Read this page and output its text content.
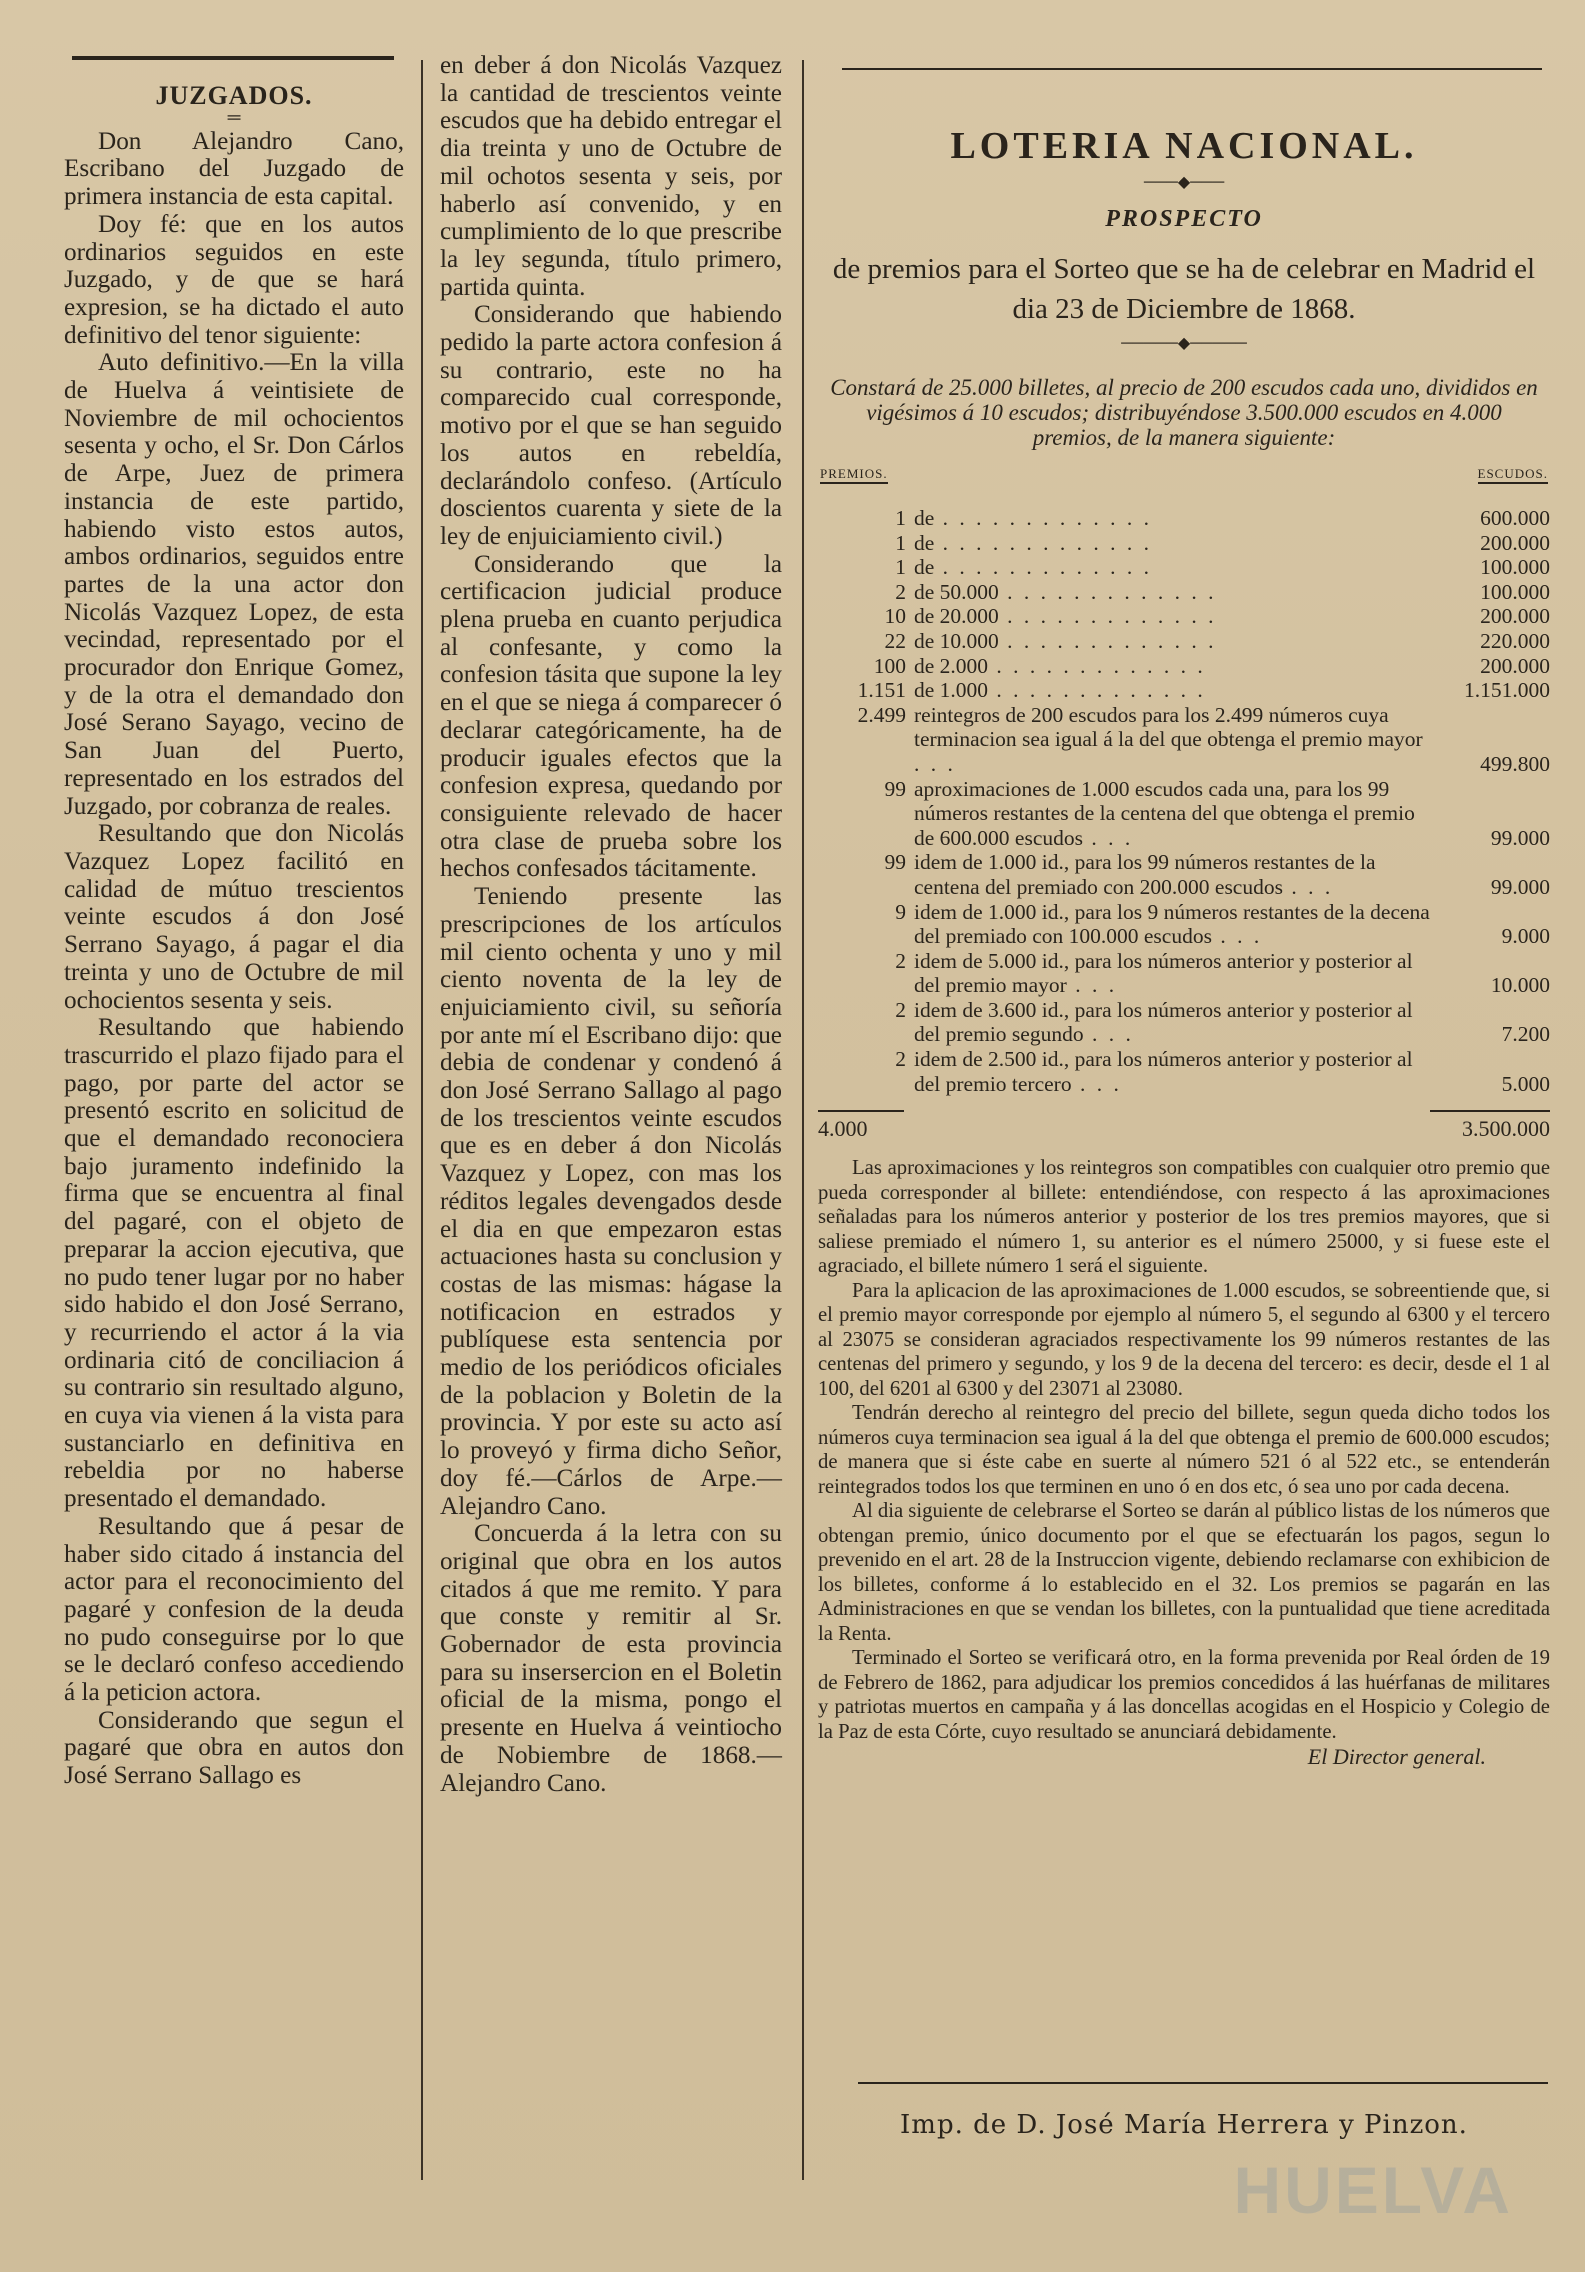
JUZGADOS.

═

Don Alejandro Cano, Escribano del Juzgado de primera instancia de esta capital.

Doy fé: que en los autos ordinarios seguidos en este Juzgado, y de que se hará expresion, se ha dictado el auto definitivo del tenor siguiente:

Auto definitivo.—En la villa de Huelva á veintisiete de Noviembre de mil ochocientos sesenta y ocho, el Sr. Don Cárlos de Arpe, Juez de primera instancia de este partido, habiendo visto estos autos, ambos ordinarios, seguidos entre partes de la una actor don Nicolás Vazquez Lopez, de esta vecindad, representado por el procurador don Enrique Gomez, y de la otra el demandado don José Serano Sayago, vecino de San Juan del Puerto, representado en los estrados del Juzgado, por cobranza de reales.

Resultando que don Nicolás Vazquez Lopez facilitó en calidad de mútuo trescientos veinte escudos á don José Serrano Sayago, á pagar el dia treinta y uno de Octubre de mil ochocientos sesenta y seis.

Resultando que habiendo trascurrido el plazo fijado para el pago, por parte del actor se presentó escrito en solicitud de que el demandado reconociera bajo juramento indefinido la firma que se encuentra al final del pagaré, con el objeto de preparar la accion ejecutiva, que no pudo tener lugar por no haber sido habido el don José Serrano, y recurriendo el actor á la via ordinaria citó de conciliacion á su contrario sin resultado alguno, en cuya via vienen á la vista para sustanciarlo en definitiva en rebeldia por no haberse presentado el demandado.

Resultando que á pesar de haber sido citado á instancia del actor para el reconocimiento del pagaré y confesion de la deuda no pudo conseguirse por lo que se le declaró confeso accediendo á la peticion actora.

Considerando que segun el pagaré que obra en autos don José Serrano Sallago es

en deber á don Nicolás Vazquez la cantidad de trescientos veinte escudos que ha debido entregar el dia treinta y uno de Octubre de mil ochotos sesenta y seis, por haberlo así convenido, y en cumplimiento de lo que prescribe la ley segunda, título primero, partida quinta.

Considerando que habiendo pedido la parte actora confesion á su contrario, este no ha comparecido cual corresponde, motivo por el que se han seguido los autos en rebeldía, declarándolo confeso. (Artículo doscientos cuarenta y siete de la ley de enjuiciamiento civil.)

Considerando que la certificacion judicial produce plena prueba en cuanto perjudica al confesante, y como la confesion tásita que supone la ley en el que se niega á comparecer ó declarar categóricamente, ha de producir iguales efectos que la confesion expresa, quedando por consiguiente relevado de hacer otra clase de prueba sobre los hechos confesados tácitamente.

Teniendo presente las prescripciones de los artículos mil ciento ochenta y uno y mil ciento noventa de la ley de enjuiciamiento civil, su señoría por ante mí el Escribano dijo: que debia de condenar y condenó á don José Serrano Sallago al pago de los trescientos veinte escudos que es en deber á don Nicolás Vazquez y Lopez, con mas los réditos legales devengados desde el dia en que empezaron estas actuaciones hasta su conclusion y costas de las mismas: hágase la notificacion en estrados y publíquese esta sentencia por medio de los periódicos oficiales de la poblacion y Boletin de la provincia. Y por este su acto así lo proveyó y firma dicho Señor, doy fé.—Cárlos de Arpe.—Alejandro Cano.

Concuerda á la letra con su original que obra en los autos citados á que me remito. Y para que conste y remitir al Sr. Gobernador de esta provincia para su insersercion en el Boletin oficial de la misma, pongo el presente en Huelva á veintiocho de Nobiembre de 1868.—Alejandro Cano.

LOTERIA NACIONAL.
───◆───
PROSPECTO
de premios para el Sorteo que se ha de celebrar en Madrid el dia 23 de Diciembre de 1868.
─────◆─────
Constará de 25.000 billetes, al precio de 200 escudos cada uno, divididos en vigésimos á 10 escudos; distribuyéndose 3.500.000 escudos en 4.000 premios, de la manera siguiente:
PREMIOS.	ESCUDOS.
1	de . . . . . . . . . . . . .	600.000
1	de . . . . . . . . . . . . .	200.000
1	de . . . . . . . . . . . . .	100.000
2	de 50.000 . . . . . . . . . . . . .	100.000
10	de 20.000 . . . . . . . . . . . . .	200.000
22	de 10.000 . . . . . . . . . . . . .	220.000
100	de 2.000 . . . . . . . . . . . . .	200.000
1.151	de 1.000 . . . . . . . . . . . . .	1.151.000
2.499	reintegros de 200 escudos para los 2.499 números cuya terminacion sea igual á la del que obtenga el premio mayor . . .	499.800
99	aproximaciones de 1.000 escudos cada una, para los 99 números restantes de la centena del que obtenga el premio de 600.000 escudos . . .	99.000
99	idem de 1.000 id., para los 99 números restantes de la centena del premiado con 200.000 escudos . . .	99.000
9	idem de 1.000 id., para los 9 números restantes de la decena del premiado con 100.000 escudos . . .	9.000
2	idem de 5.000 id., para los números anterior y posterior al del premio mayor . . .	10.000
2	idem de 3.600 id., para los números anterior y posterior al del premio segundo . . .	7.200
2	idem de 2.500 id., para los números anterior y posterior al del premio tercero . . .	5.000
4.000	3.500.000

Las aproximaciones y los reintegros son compatibles con cualquier otro premio que pueda corresponder al billete: entendiéndose, con respecto á las aproximaciones señaladas para los números anterior y posterior de los tres premios mayores, que si saliese premiado el número 1, su anterior es el número 25000, y si fuese este el agraciado, el billete número 1 será el siguiente.

Para la aplicacion de las aproximaciones de 1.000 escudos, se sobreentiende que, si el premio mayor corresponde por ejemplo al número 5, el segundo al 6300 y el tercero al 23075 se consideran agraciados respectivamente los 99 números restantes de las centenas del primero y segundo, y los 9 de la decena del tercero: es decir, desde el 1 al 100, del 6201 al 6300 y del 23071 al 23080.

Tendrán derecho al reintegro del precio del billete, segun queda dicho todos los números cuya terminacion sea igual á la del que obtenga el premio de 600.000 escudos; de manera que si éste cabe en suerte al número 521 ó al 522 etc., se entenderán reintegrados todos los que terminen en uno ó en dos etc, ó sea uno por cada decena.

Al dia siguiente de celebrarse el Sorteo se darán al público listas de los números que obtengan premio, único documento por el que se efectuarán los pagos, segun lo prevenido en el art. 28 de la Instruccion vigente, debiendo reclamarse con exhibicion de los billetes, conforme á lo establecido en el 32. Los premios se pagarán en las Administraciones en que se vendan los billetes, con la puntualidad que tiene acreditada la Renta.

Terminado el Sorteo se verificará otro, en la forma prevenida por Real órden de 19 de Febrero de 1862, para adjudicar los premios concedidos á las huérfanas de militares y patriotas muertos en campaña y á las doncellas acogidas en el Hospicio y Colegio de la Paz de esta Córte, cuyo resultado se anunciará debidamente.

El Director general.
Imp. de D. José María Herrera y Pinzon.
HUELVA
